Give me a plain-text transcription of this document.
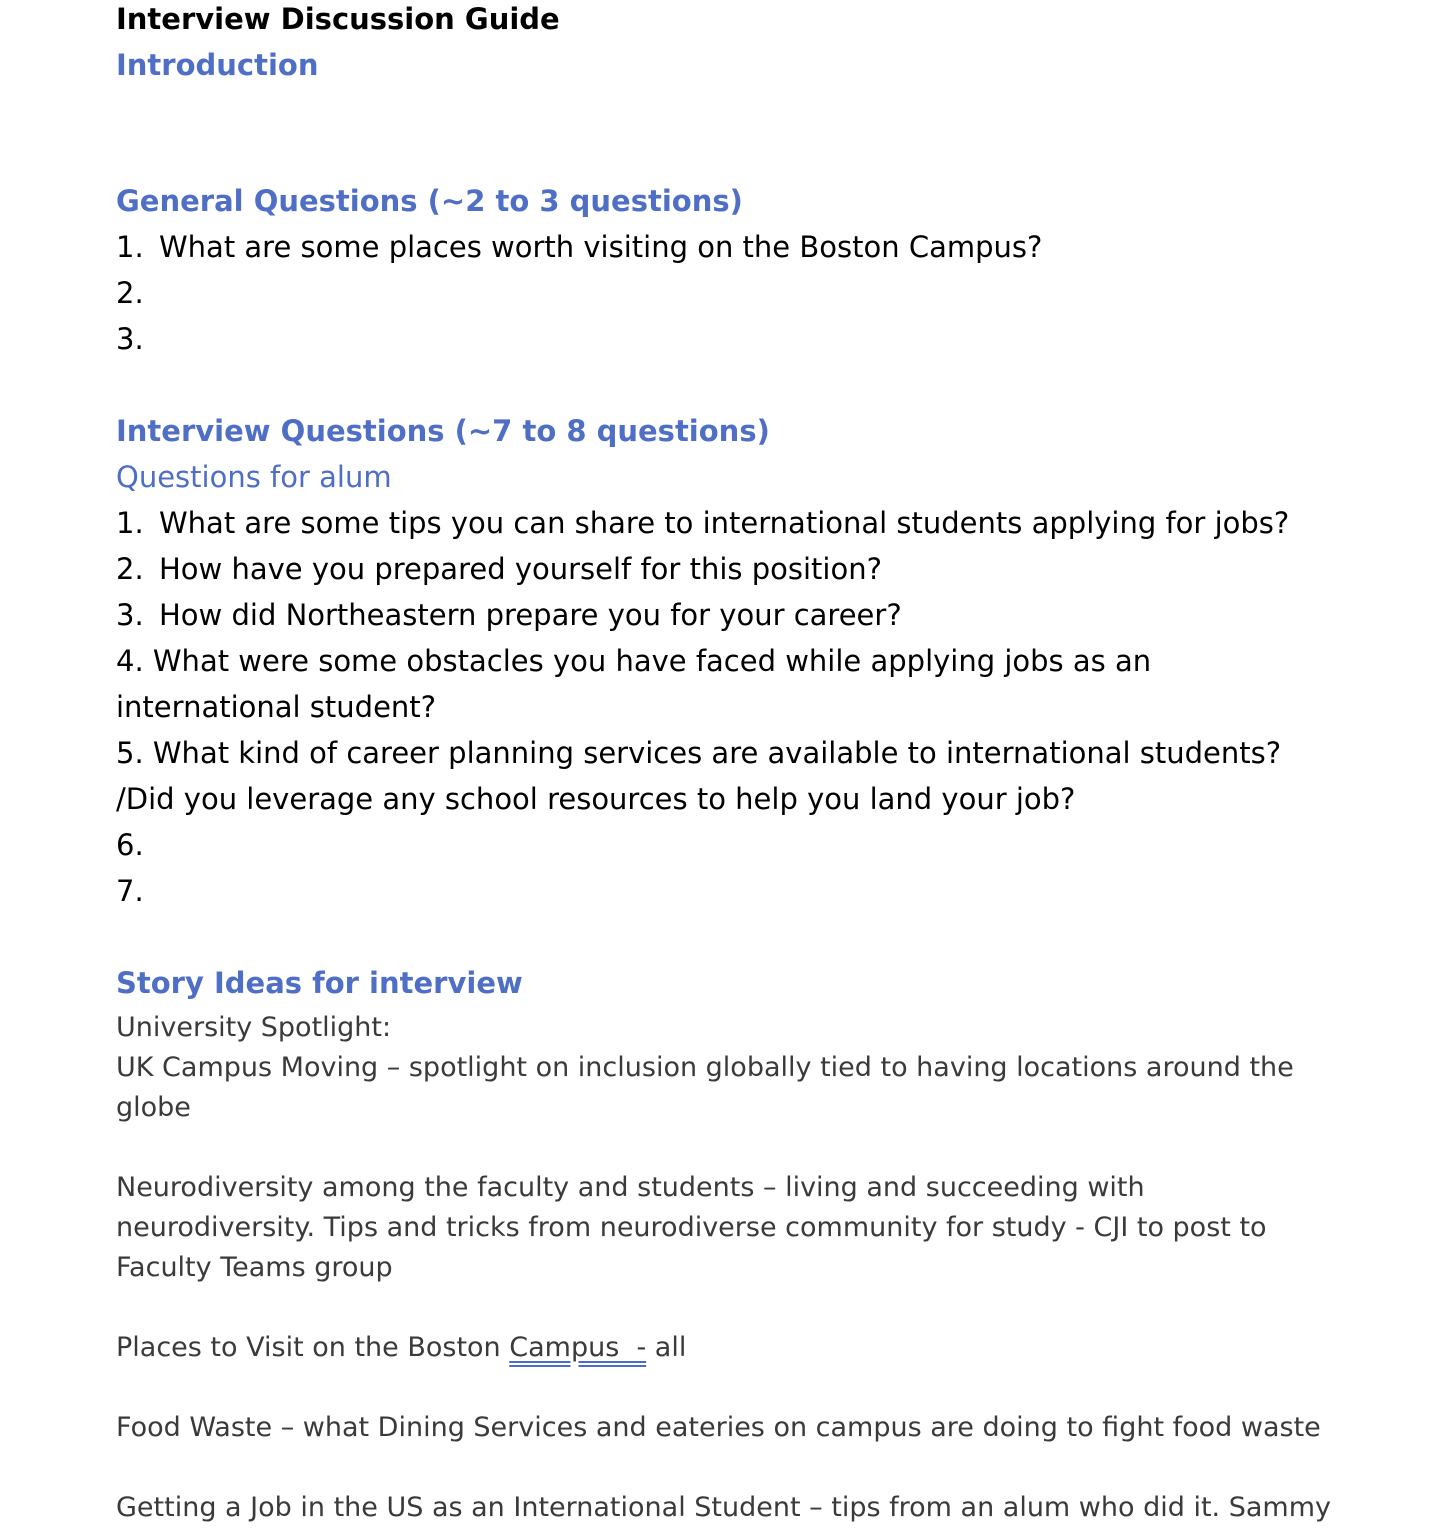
Interview Discussion Guide
Introduction
General Questions (~2 to 3 questions)
1. What are some places worth visiting on the Boston Campus?
2.
3.
Interview Questions (~7 to 8 questions)
Questions for alum
1. What are some tips you can share to international students applying for jobs?
2. How have you prepared yourself for this position?
3. How did Northeastern prepare you for your career?
4. What were some obstacles you have faced while applying jobs as an
international student?
5. What kind of career planning services are available to international students?
/Did you leverage any school resources to help you land your job?
6.
7.
Story Ideas for interview
University Spotlight:
UK Campus Moving – spotlight on inclusion globally tied to having locations around the
globe
Neurodiversity among the faculty and students – living and succeeding with
neurodiversity. Tips and tricks from neurodiverse community for study - CJI to post to
Faculty Teams group
Places to Visit on the Boston Campus  - all
Food Waste – what Dining Services and eateries on campus are doing to fight food waste
Getting a Job in the US as an International Student – tips from an alum who did it. Sammy
